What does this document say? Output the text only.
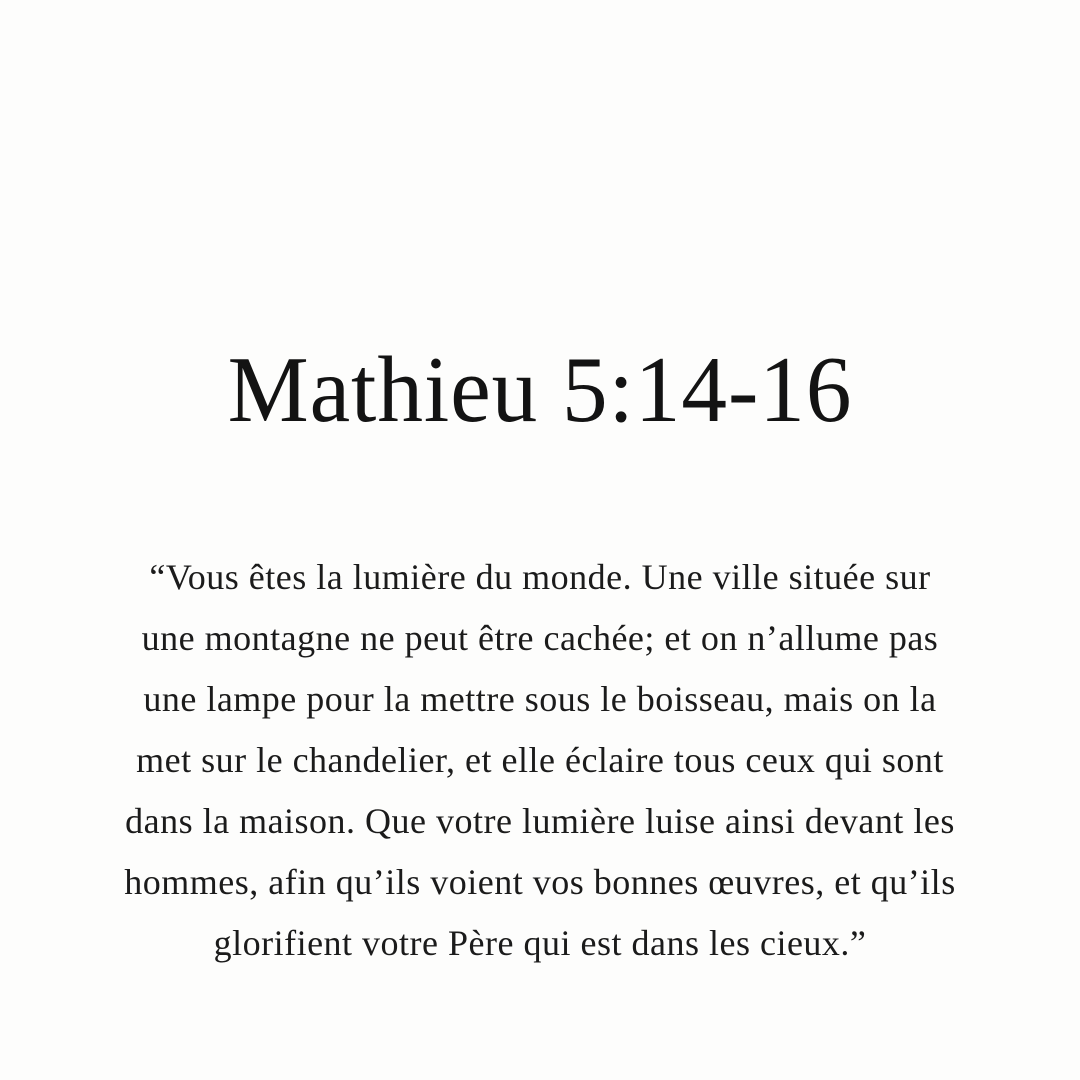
Mathieu 5:14-16
“Vous êtes la lumière du monde. Une ville située sur
une montagne ne peut être cachée; et on n’allume pas
une lampe pour la mettre sous le boisseau, mais on la
met sur le chandelier, et elle éclaire tous ceux qui sont
dans la maison. Que votre lumière luise ainsi devant les
hommes, afin qu’ils voient vos bonnes œuvres, et qu’ils
glorifient votre Père qui est dans les cieux.”
